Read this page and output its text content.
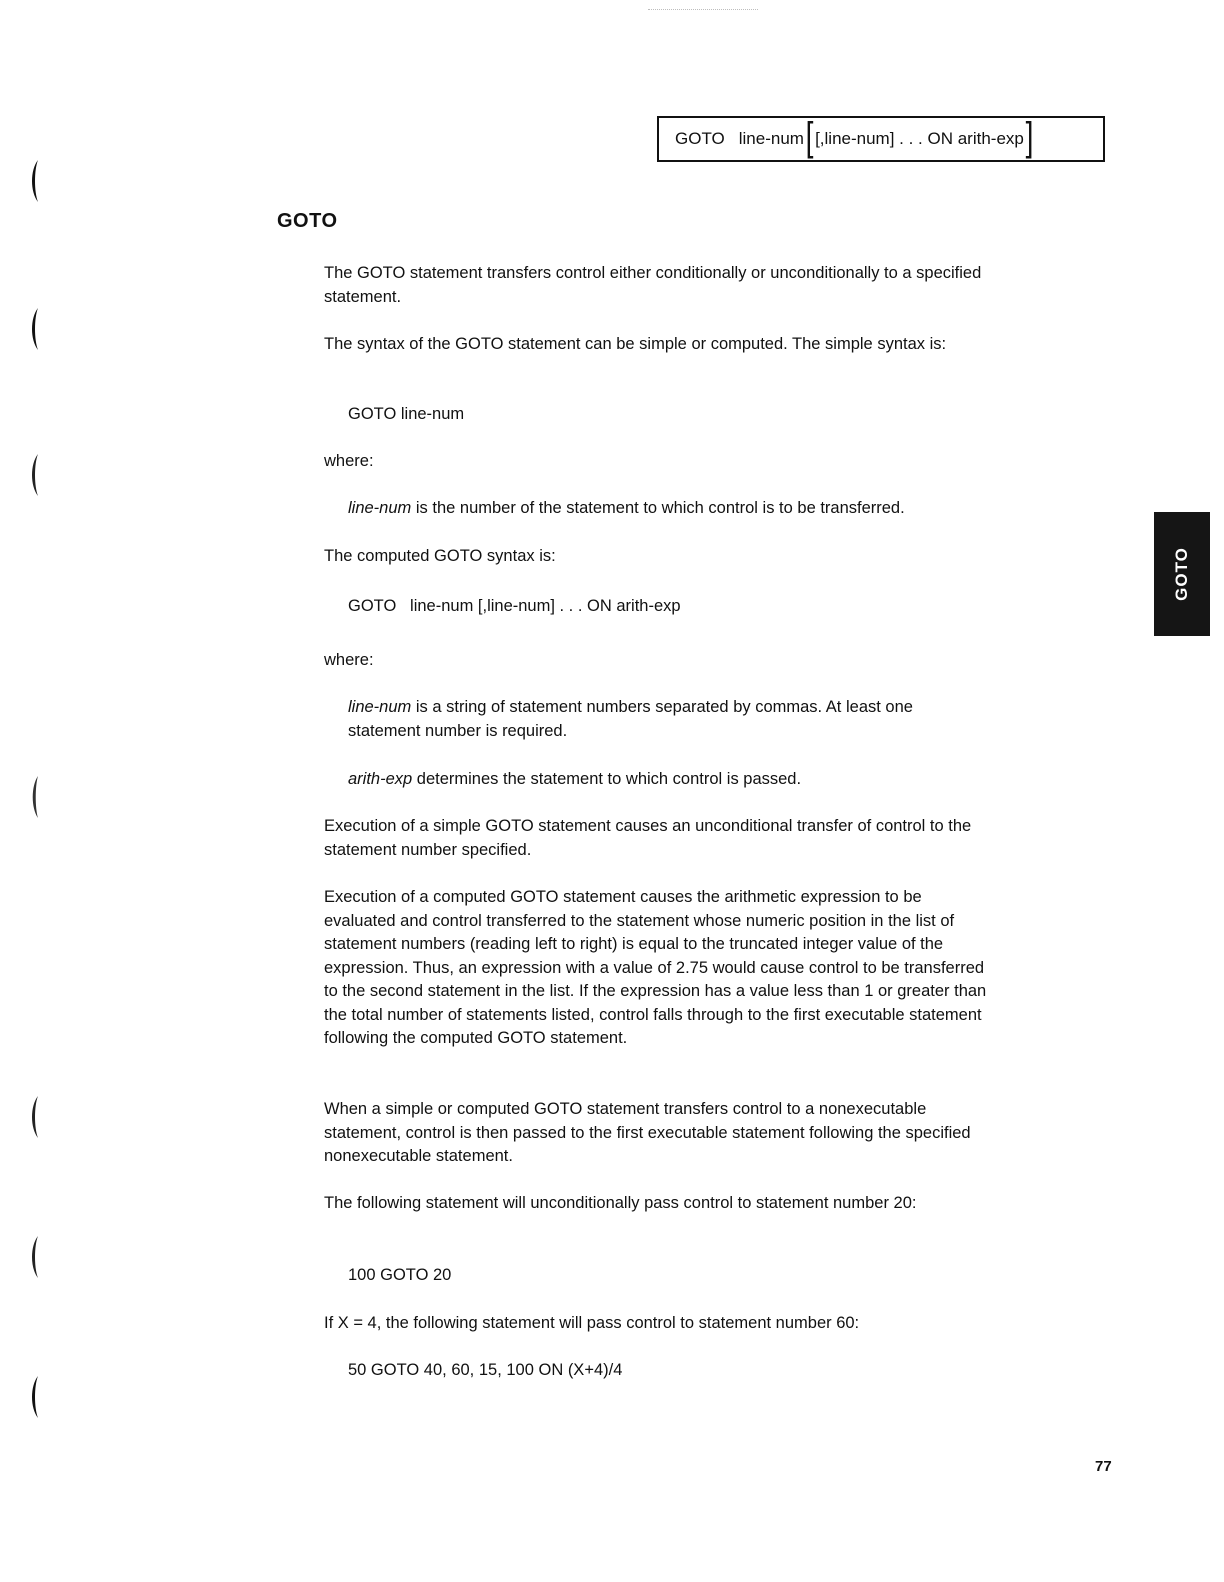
GOTO line-num [ [,line-num] . . . ON arith-exp ]
GOTO

The GOTO statement transfers control either conditionally or unconditionally to a specified statement.

The syntax of the GOTO statement can be simple or computed. The simple syntax is:

GOTO line-num

where:

line-num is the number of the statement to which control is to be transferred.

The computed GOTO syntax is:

GOTO   line-num [,line-num] . . . ON arith-exp

where:

line-num is a string of statement numbers separated by commas. At least one statement number is required.

arith-exp determines the statement to which control is passed.

Execution of a simple GOTO statement causes an unconditional transfer of control to the statement number specified.

Execution of a computed GOTO statement causes the arithmetic expression to be evaluated and control transferred to the statement whose numeric position in the list of statement numbers (reading left to right) is equal to the truncated integer value of the expression. Thus, an expression with a value of 2.75 would cause control to be transferred to the second statement in the list. If the expression has a value less than 1 or greater than the total number of statements listed, control falls through to the first executable statement following the computed GOTO statement.

When a simple or computed GOTO statement transfers control to a nonexecutable statement, control is then passed to the first executable statement following the specified nonexecutable statement.

The following statement will unconditionally pass control to statement number 20:

100 GOTO 20

If X = 4, the following statement will pass control to statement number 60:

50 GOTO 40, 60, 15, 100 ON (X+4)/4

GOTO
77
